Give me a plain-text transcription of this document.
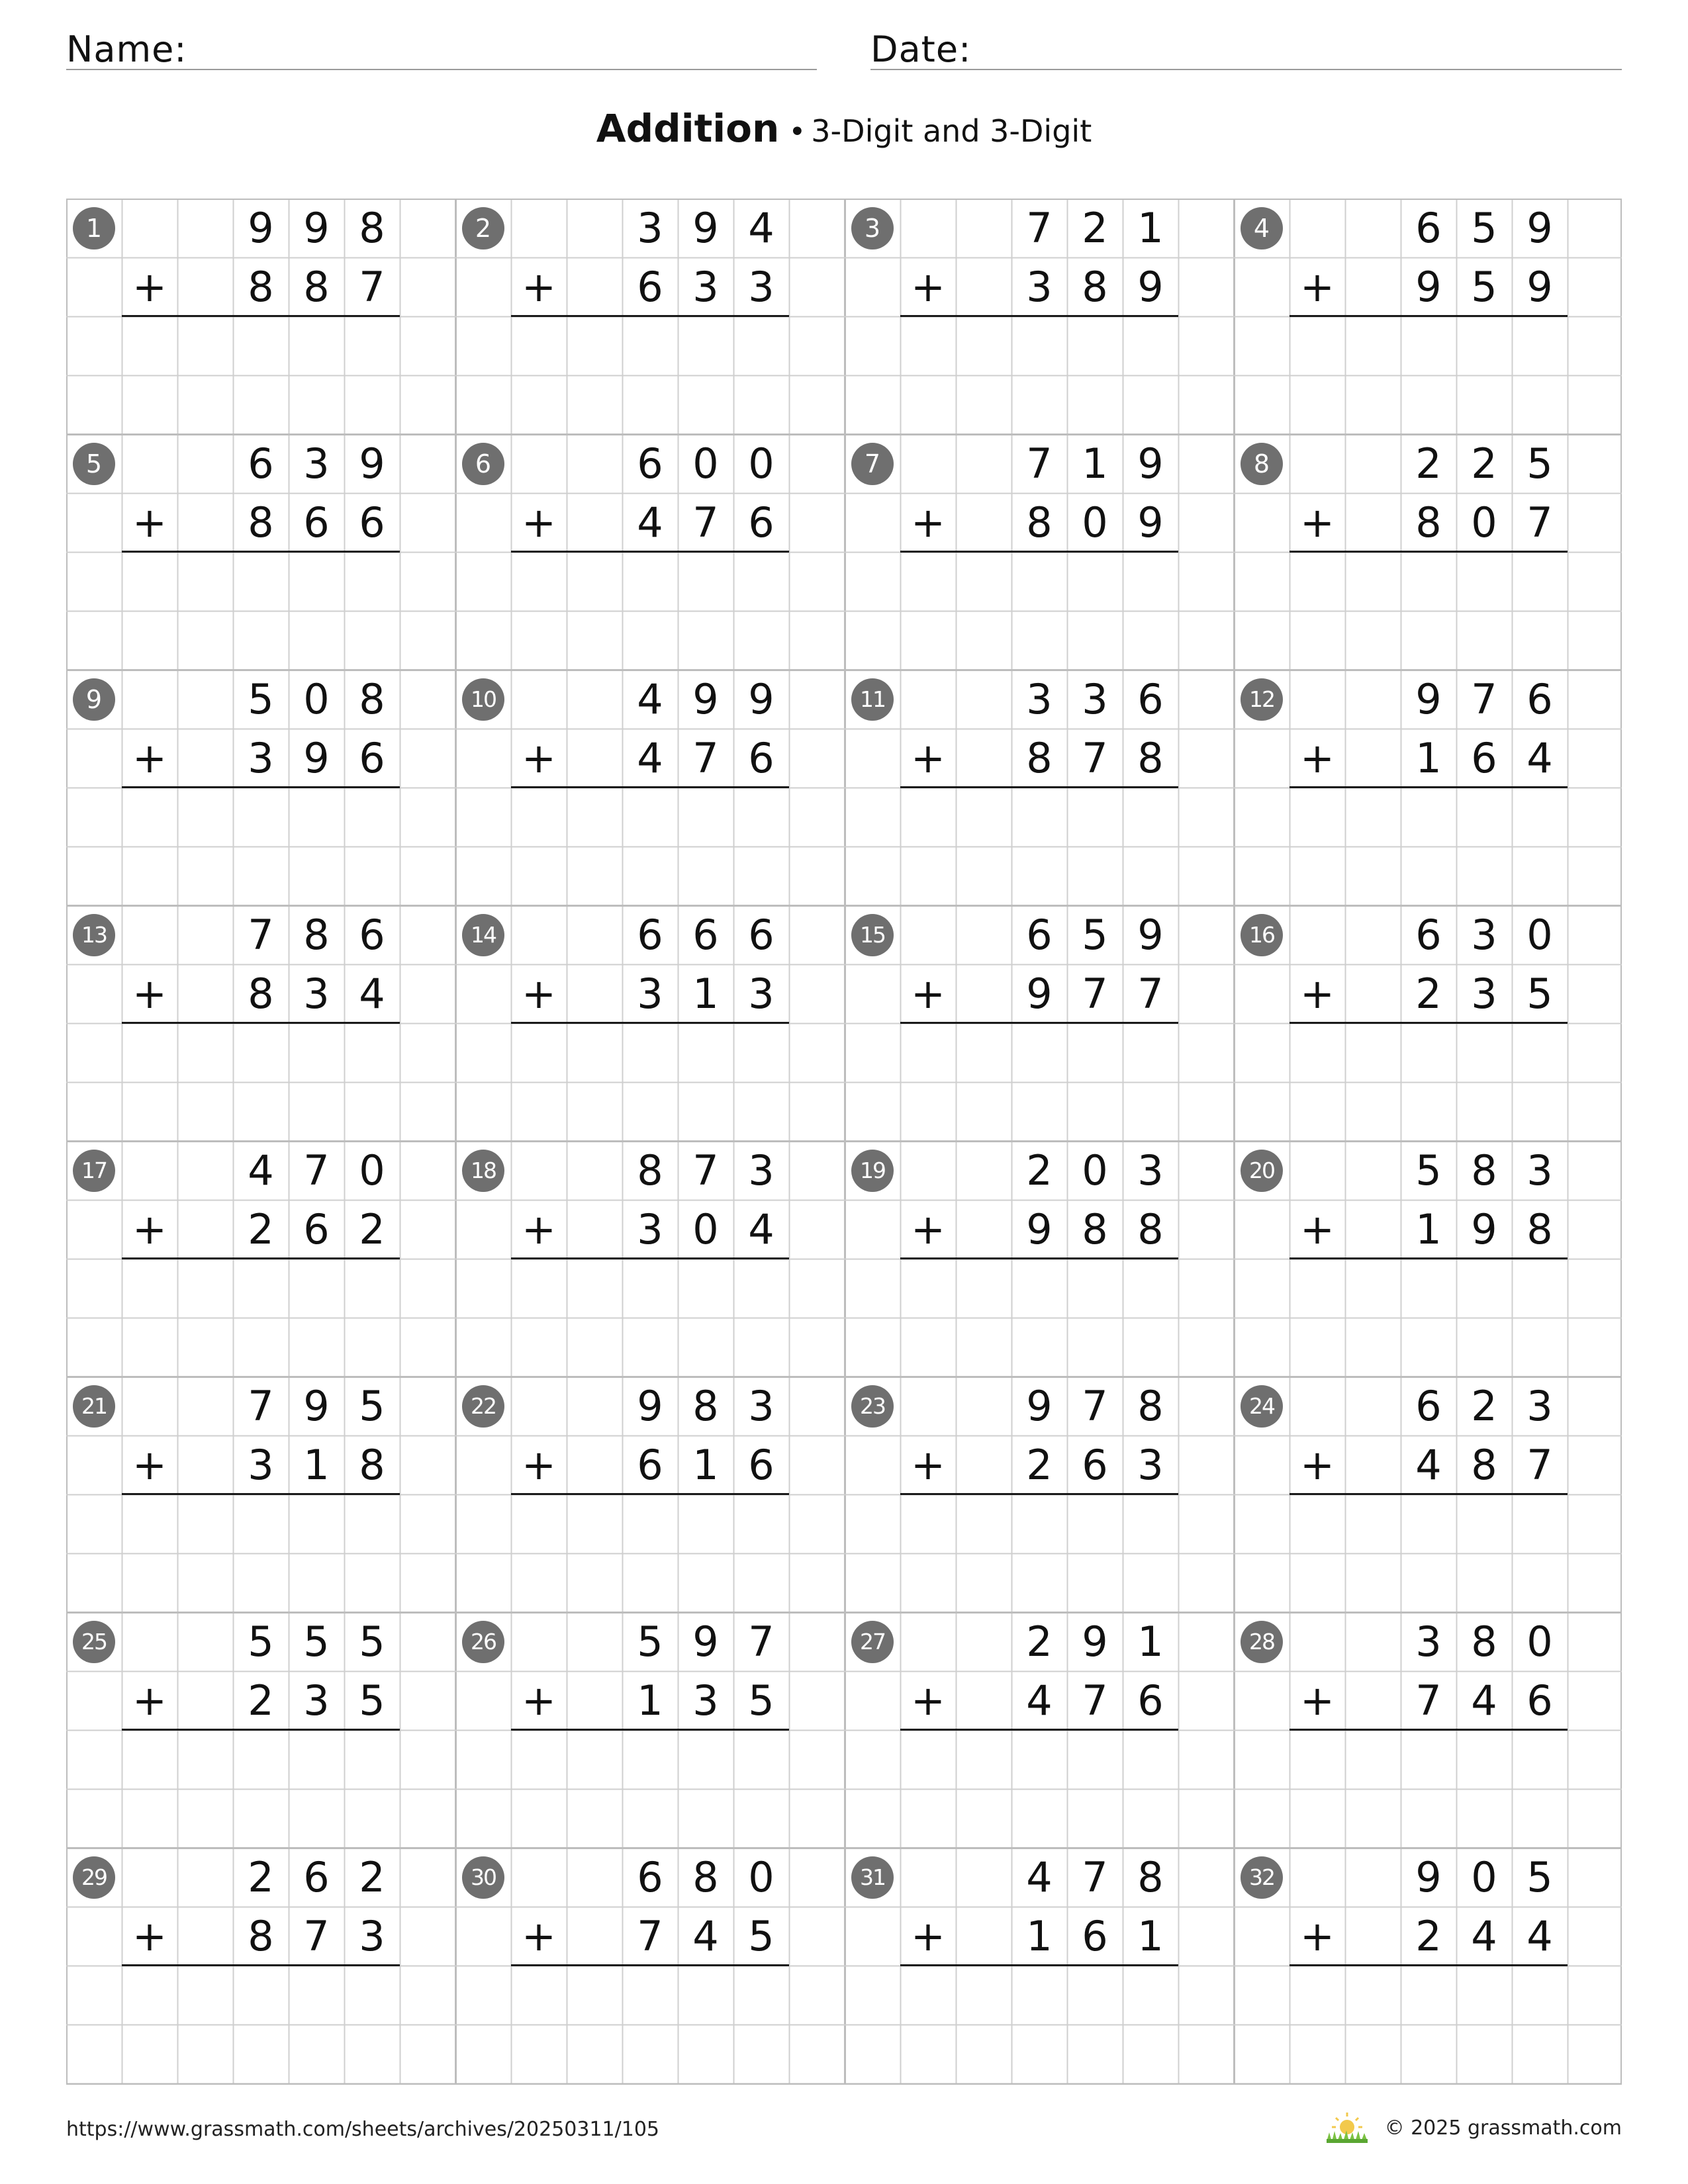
Name:	Date:
Addition • 3-Digit and 3-Digit
1	9 9 8
8 8 7
+
2	3 9 4
6 3 3
+
3	7 2 1
3 8 9
+
4	6 5 9
9 5 9
+
5	6 3 9
8 6 6
+
6	6 0 0
4 7 6
+
7	7 1 9
8 0 9
+
8	2 2 5
8 0 7
+
9	5 0 8
3 9 6
+
10	4 9 9
4 7 6
+
11	3 3 6
8 7 8
+
12	9 7 6
1 6 4
+
13	7 8 6
8 3 4
+
14	6 6 6
3 1 3
+
15	6 5 9
9 7 7
+
16	6 3 0
2 3 5
+
17	4 7 0
2 6 2
+
18	8 7 3
3 0 4
+
19	2 0 3
9 8 8
+
20	5 8 3
1 9 8
+
21	7 9 5
3 1 8
+
22	9 8 3
6 1 6
+
23	9 7 8
2 6 3
+
24	6 2 3
4 8 7
+
25	5 5 5
2 3 5
+
26	5 9 7
1 3 5
+
27	2 9 1
4 7 6
+
28	3 8 0
7 4 6
+
29	2 6 2
8 7 3
+
30	6 8 0
7 4 5
+
31	4 7 8
1 6 1
+
32	9 0 5
2 4 4
+
https://www.grassmath.com/sheets/archives/20250311/105	© 2025 grassmath.com
